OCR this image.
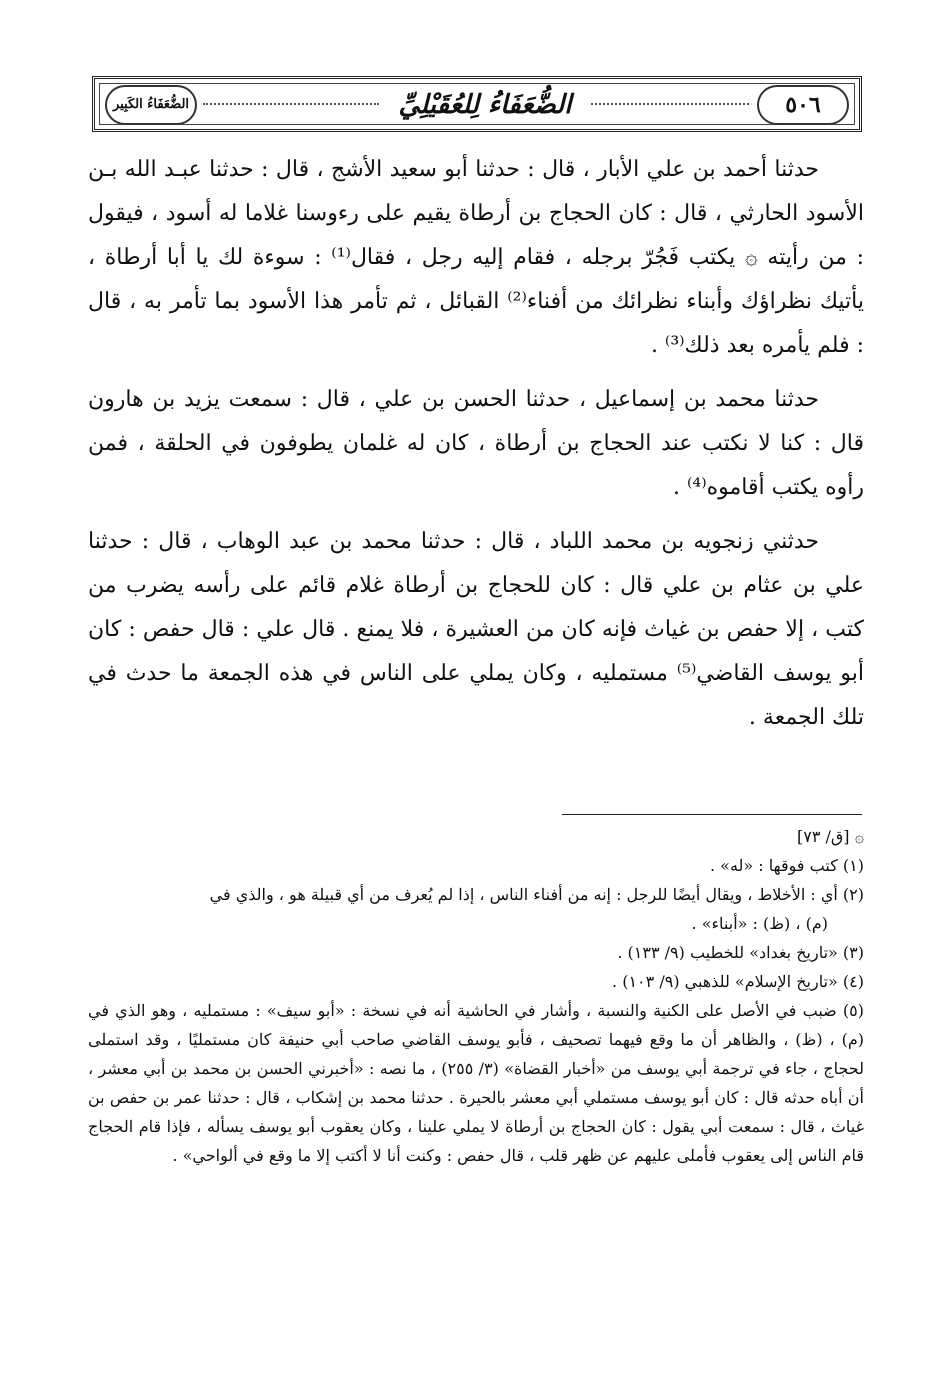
٥٠٦
الضُّعَفَاءُ لِلعُقَيْلِيِّ
الضُّعَفَاءُ الكَبِير

حدثنا أحمد بن علي الأبار ، قال : حدثنا أبو سعيد الأشج ، قال : حدثنا عبـد الله بـن الأسود الحارثي ، قال : كان الحجاج بن أرطاة يقيم على رءوسنا غلاما له أسود ، فيقول : من رأيته ۞ يكتب فَجُرّ برجله ، فقام إليه رجل ، فقال⁽¹⁾ : سوءة لك يا أبا أرطاة ، يأتيك نظراؤك وأبناء نظرائك من أفناء⁽²⁾ القبائل ، ثم تأمر هذا الأسود بما تأمر به ، قال : فلم يأمره بعد ذلك⁽³⁾ .

حدثنا محمد بن إسماعيل ، حدثنا الحسن بن علي ، قال : سمعت يزيد بن هارون قال : كنا لا نكتب عند الحجاج بن أرطاة ، كان له غلمان يطوفون في الحلقة ، فمن رأوه يكتب أقاموه⁽⁴⁾ .

حدثني زنجويه بن محمد اللباد ، قال : حدثنا محمد بن عبد الوهاب ، قال : حدثنا علي بن عثام بن علي قال : كان للحجاج بن أرطاة غلام قائم على رأسه يضرب من كتب ، إلا حفص بن غياث فإنه كان من العشيرة ، فلا يمنع . قال علي : قال حفص : كان أبو يوسف القاضي⁽⁵⁾ مستمليه ، وكان يملي على الناس في هذه الجمعة ما حدث في تلك الجمعة .

۞ [ق/ ٧٣]

(١) كتب فوقها : «له» .

(٢) أي : الأخلاط ، ويقال أيضًا للرجل : إنه من أفناء الناس ، إذا لم يُعرف من أي قبيلة هو ، والذي في

(م) ، (ظ) : «أبناء» .

(٣) «تاريخ بغداد» للخطيب (٩/ ١٣٣) .

(٤) «تاريخ الإسلام» للذهبي (٩/ ١٠٣) .

(٥) ضبب في الأصل على الكنية والنسبة ، وأشار في الحاشية أنه في نسخة : «أبو سيف» : مستمليه ، وهو الذي في (م) ، (ظ) ، والظاهر أن ما وقع فيهما تصحيف ، فأبو يوسف القاضي صاحب أبي حنيفة كان مستمليًا ، وقد استملى لحجاج ، جاء في ترجمة أبي يوسف من «أخبار القضاة» (٣/ ٢٥٥) ، ما نصه : «أخبرني الحسن بن محمد بن أبي معشر ، أن أباه حدثه قال : كان أبو يوسف مستملي أبي معشر بالحيرة . حدثنا محمد بن إشكاب ، قال : حدثنا عمر بن حفص بن غياث ، قال : سمعت أبي يقول : كان الحجاج بن أرطاة لا يملي علينا ، وكان يعقوب أبو يوسف يسأله ، فإذا قام الحجاج قام الناس إلى يعقوب فأملى عليهم عن ظهر قلب ، قال حفص : وكنت أنا لا أكتب إلا ما وقع في ألواحي» .
